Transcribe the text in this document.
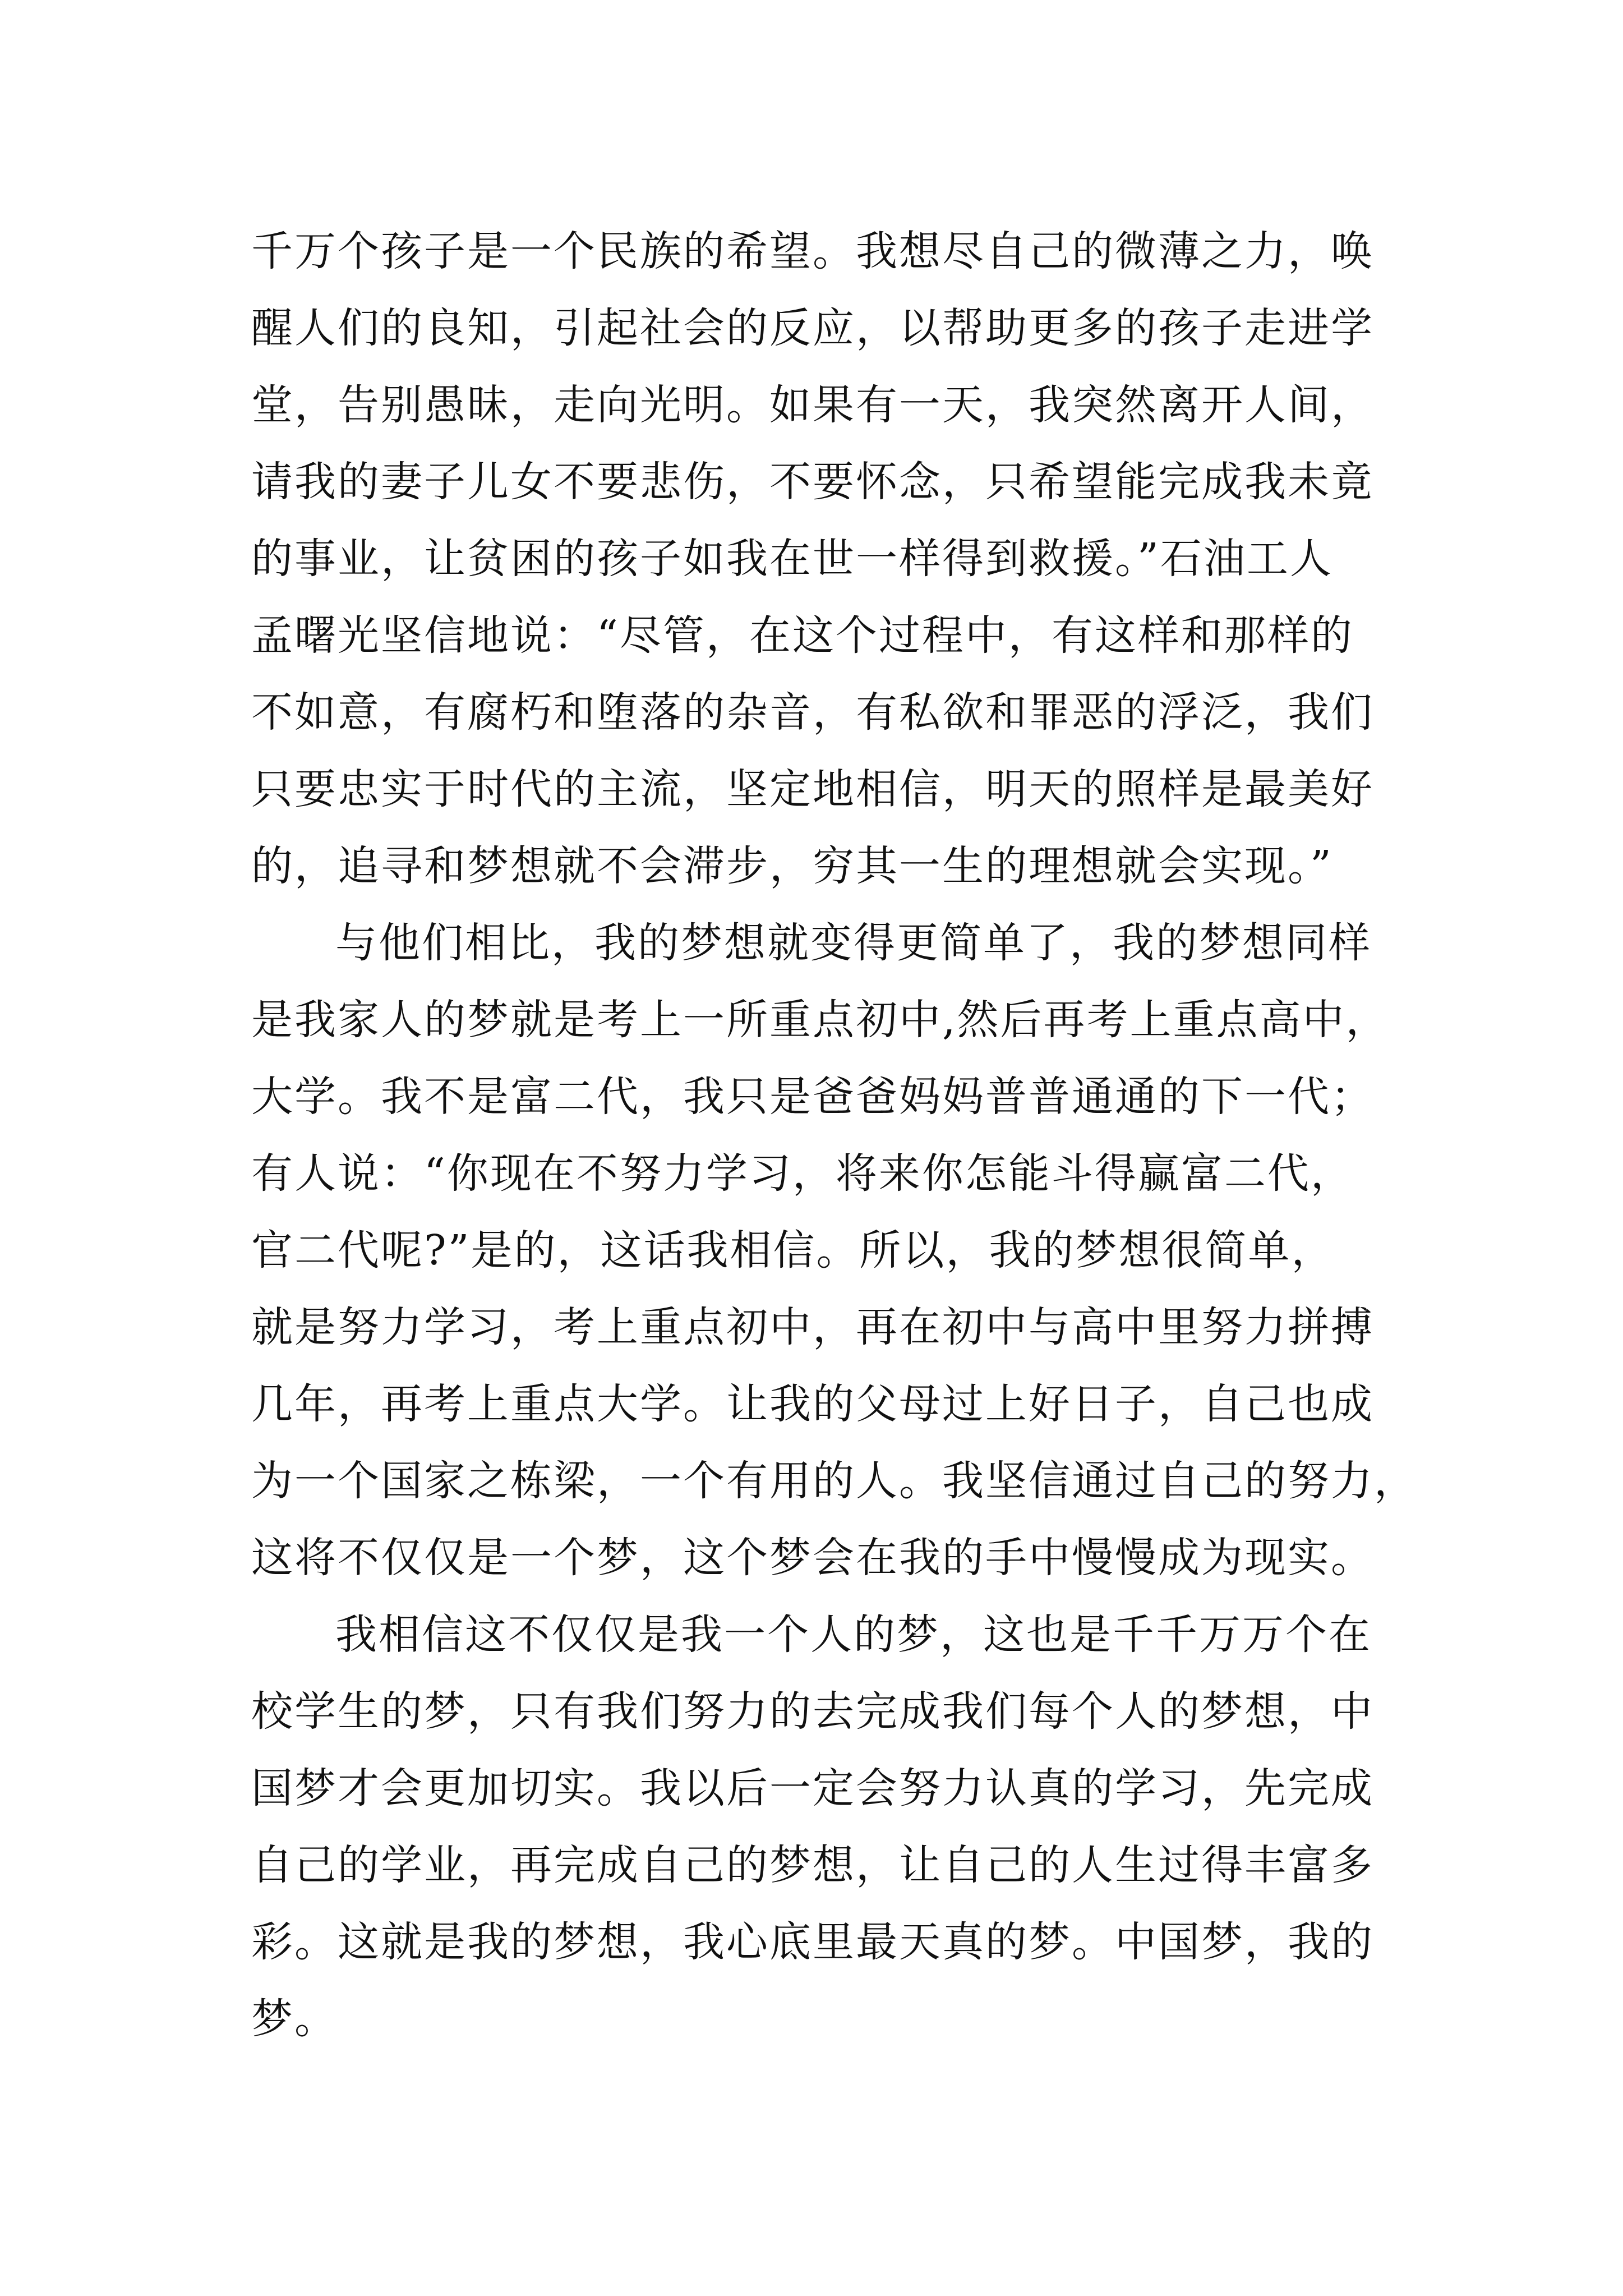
千万个孩子是一个民族的希望。我想尽自己的微薄之力，唤
醒人们的良知，引起社会的反应，以帮助更多的孩子走进学
堂，告别愚昧，走向光明。如果有一天，我突然离开人间，
请我的妻子儿女不要悲伤，不要怀念，只希望能完成我未竟
的事业，让贫困的孩子如我在世一样得到救援。”石油工人
孟曙光坚信地说：“尽管，在这个过程中，有这样和那样的
不如意，有腐朽和堕落的杂音，有私欲和罪恶的浮泛，我们
只要忠实于时代的主流，坚定地相信，明天的照样是最美好
的，追寻和梦想就不会滞步，穷其一生的理想就会实现。”
与他们相比，我的梦想就变得更简单了，我的梦想同样
是我家人的梦就是考上一所重点初中,然后再考上重点高中，
大学。我不是富二代，我只是爸爸妈妈普普通通的下一代；
有人说：“你现在不努力学习，将来你怎能斗得赢富二代，
官二代呢?”是的，这话我相信。所以，我的梦想很简单，
就是努力学习，考上重点初中，再在初中与高中里努力拼搏
几年，再考上重点大学。让我的父母过上好日子，自己也成
为一个国家之栋梁，一个有用的人。我坚信通过自己的努力，
这将不仅仅是一个梦，这个梦会在我的手中慢慢成为现实。
我相信这不仅仅是我一个人的梦，这也是千千万万个在
校学生的梦，只有我们努力的去完成我们每个人的梦想，中
国梦才会更加切实。我以后一定会努力认真的学习，先完成
自己的学业，再完成自己的梦想，让自己的人生过得丰富多
彩。这就是我的梦想，我心底里最天真的梦。中国梦，我的
梦。
